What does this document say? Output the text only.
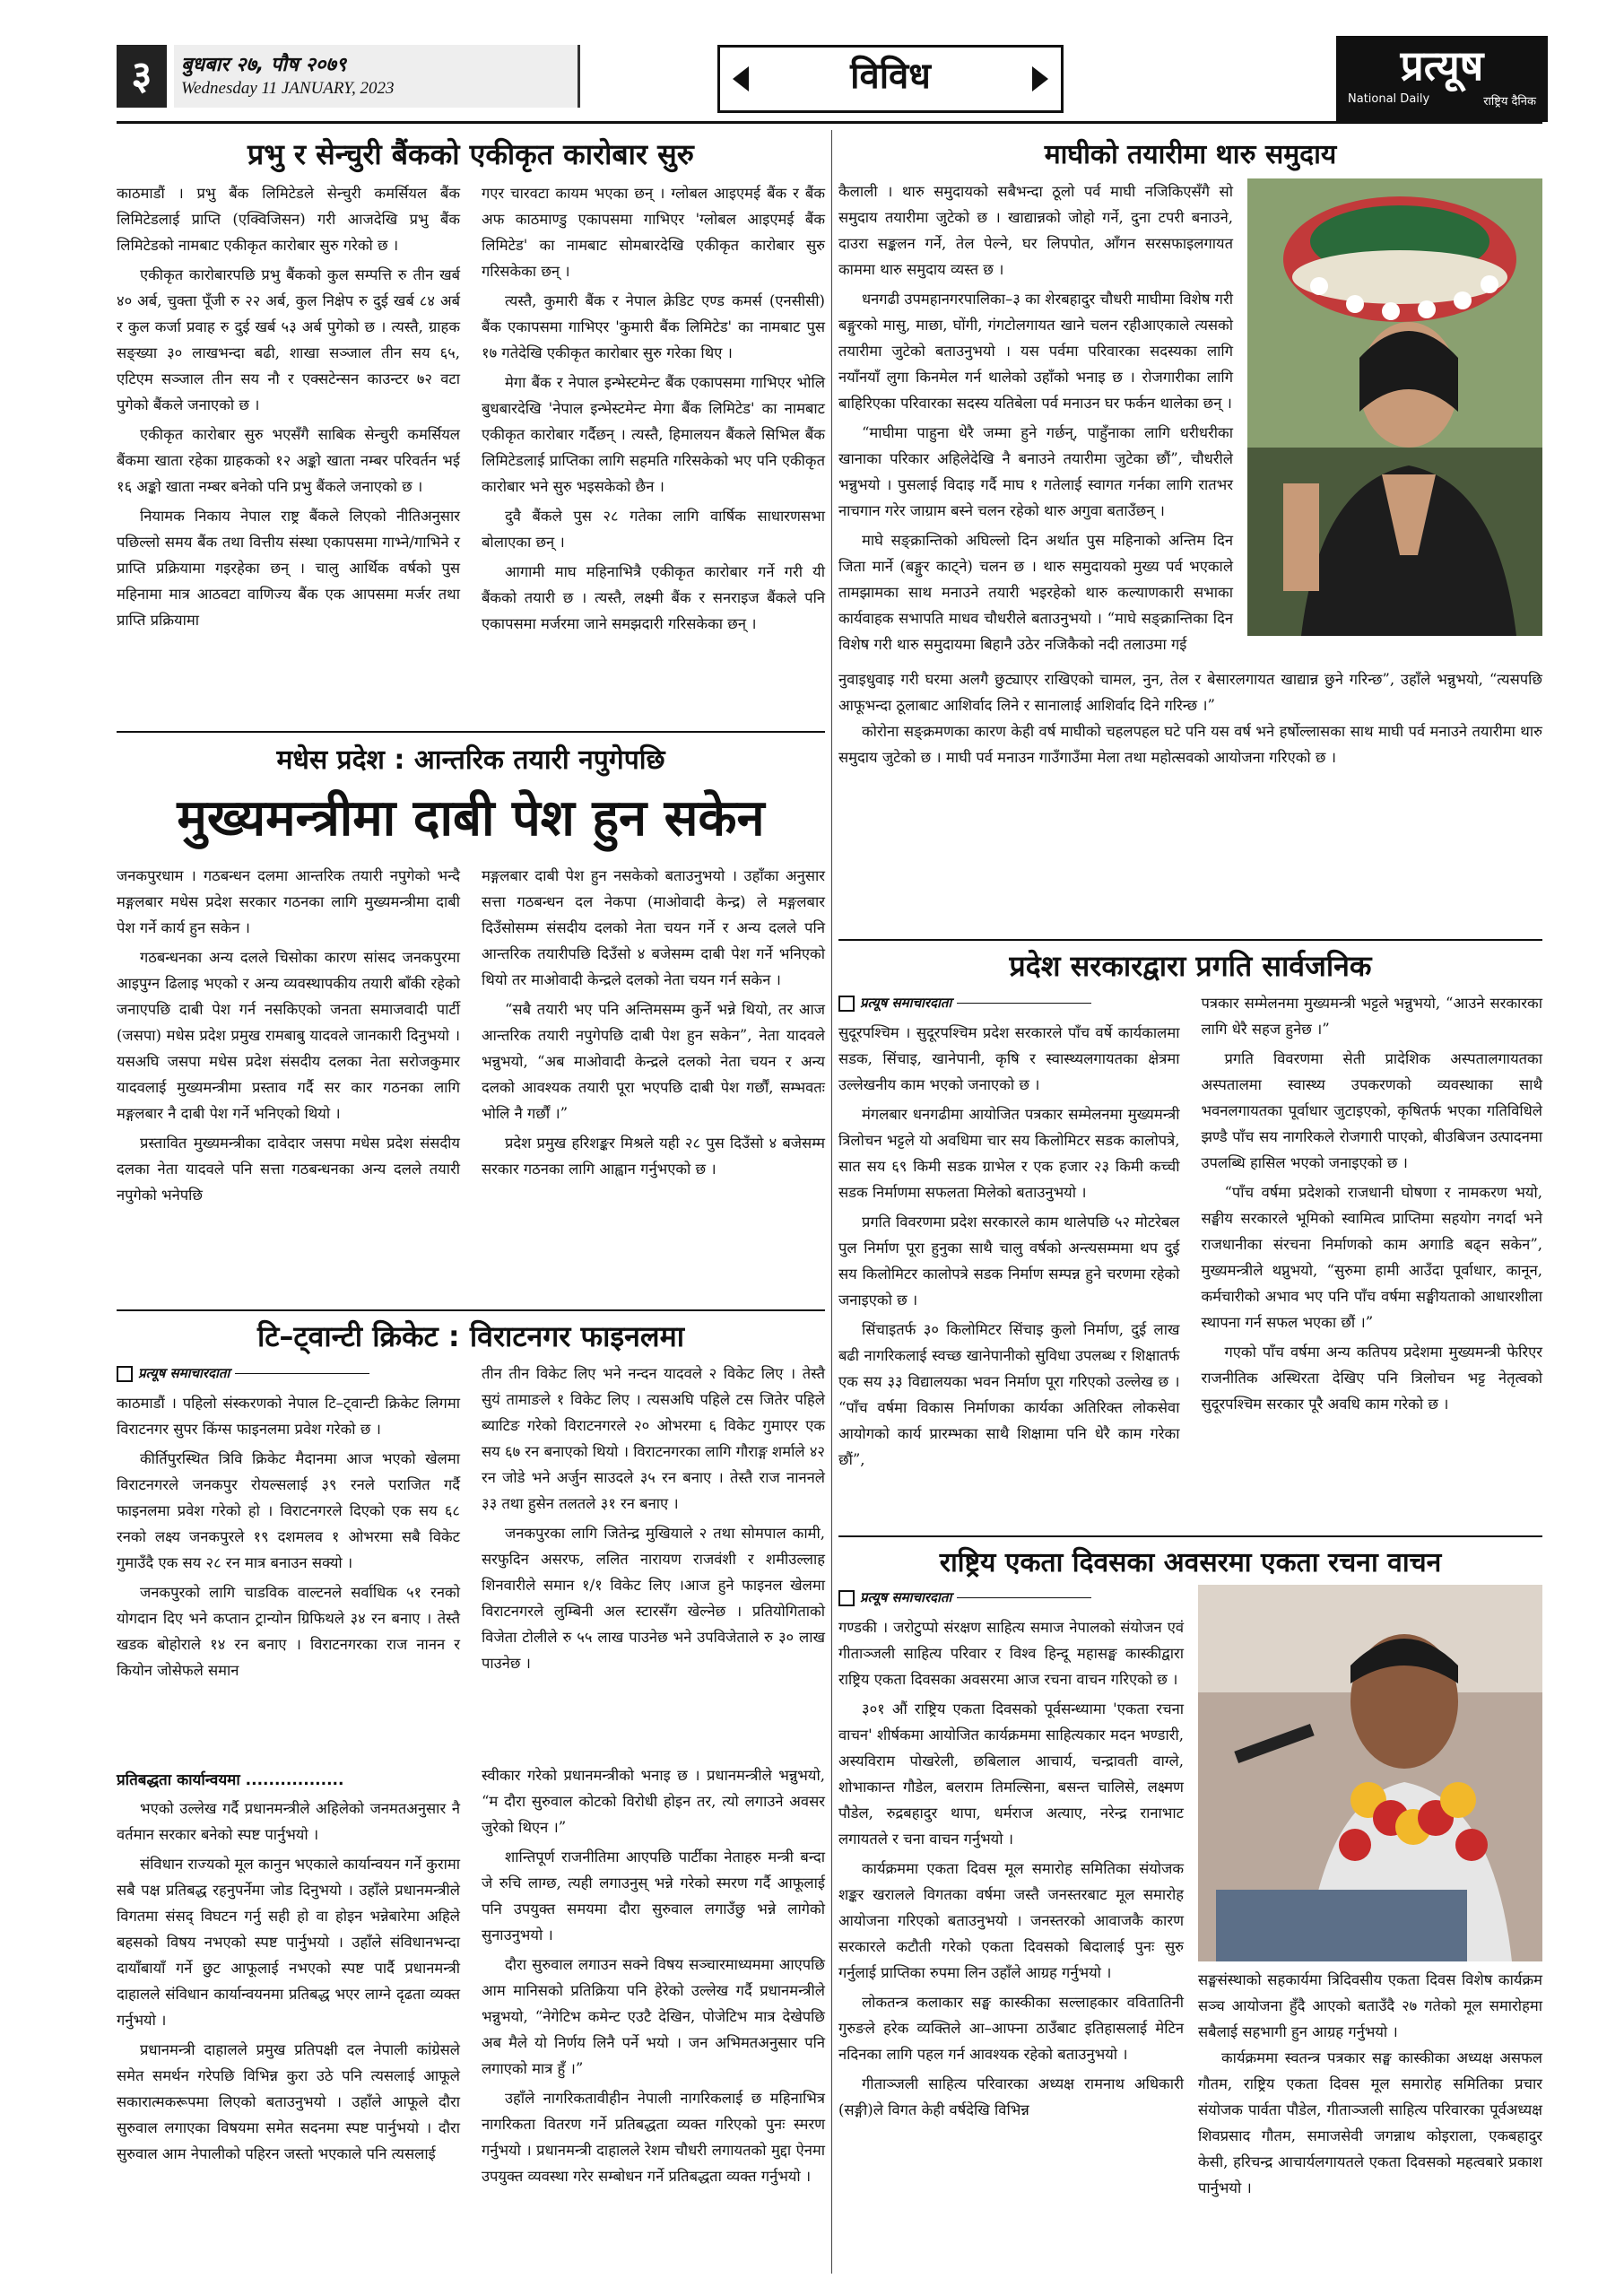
३	बुधबार २७, पौष २०७९
Wednesday 11 JANUARY, 2023	विविध	प्रत्यूष
National Daily	राष्ट्रिय दैनिक
प्रभु र सेन्चुरी बैंकको एकीकृत कारोबार सुरु

काठमाडौं । प्रभु बैंक लिमिटेडले सेन्चुरी कमर्सियल बैंक लिमिटेडलाई प्राप्ति (एक्विजिसन) गरी आजदेखि प्रभु बैंक लिमिटेडको नामबाट एकीकृत कारोबार सुरु गरेको छ ।

एकीकृत कारोबारपछि प्रभु बैंकको कुल सम्पत्ति रु तीन खर्ब ४० अर्ब, चुक्ता पूँजी रु २२ अर्ब, कुल निक्षेप रु दुई खर्ब ८४ अर्ब र कुल कर्जा प्रवाह रु दुई खर्ब ५३ अर्ब पुगेको छ । त्यस्तै, ग्राहक सङ्ख्या ३० लाखभन्दा बढी, शाखा सञ्जाल तीन सय ६५, एटिएम सञ्जाल तीन सय नौ र एक्सटेन्सन काउन्टर ७२ वटा पुगेको बैंकले जनाएको छ ।

एकीकृत कारोबार सुरु भएसँगै साबिक सेन्चुरी कमर्सियल बैंकमा खाता रहेका ग्राहकको १२ अङ्को खाता नम्बर परिवर्तन भई १६ अङ्को खाता नम्बर बनेको पनि प्रभु बैंकले जनाएको छ ।

नियामक निकाय नेपाल राष्ट्र बैंकले लिएको नीतिअनुसार पछिल्लो समय बैंक तथा वित्तीय संस्था एकापसमा गाभ्ने/गाभिने र प्राप्ति प्रक्रियामा गइरहेका छन् । चालु आर्थिक वर्षको पुस महिनामा मात्र आठवटा वाणिज्य बैंक एक आपसमा मर्जर तथा प्राप्ति प्रक्रियामा

गएर चारवटा कायम भएका छन् । ग्लोबल आइएमई बैंक र बैंक अफ काठमाण्डु एकापसमा गाभिएर 'ग्लोबल आइएमई बैंक लिमिटेड' का नामबाट सोमबारदेखि एकीकृत कारोबार सुरु गरिसकेका छन् ।

त्यस्तै, कुमारी बैंक र नेपाल क्रेडिट एण्ड कमर्स (एनसीसी) बैंक एकापसमा गाभिएर 'कुमारी बैंक लिमिटेड' का नामबाट पुस १७ गतेदेखि एकीकृत कारोबार सुरु गरेका थिए ।

मेगा बैंक र नेपाल इन्भेस्टमेन्ट बैंक एकापसमा गाभिएर भोलि बुधबारदेखि 'नेपाल इन्भेस्टमेन्ट मेगा बैंक लिमिटेड' का नामबाट एकीकृत कारोबार गर्दैछन् । त्यस्तै, हिमालयन बैंकले सिभिल बैंक लिमिटेडलाई प्राप्तिका लागि सहमति गरिसकेको भए पनि एकीकृत कारोबार भने सुरु भइसकेको छैन ।

दुवै बैंकले पुस २८ गतेका लागि वार्षिक साधारणसभा बोलाएका छन् ।

आगामी माघ महिनाभित्रै एकीकृत कारोबार गर्ने गरी यी बैंकको तयारी छ । त्यस्तै, लक्ष्मी बैंक र सनराइज बैंकले पनि एकापसमा मर्जरमा जाने समझदारी गरिसकेका छन् ।

मधेस प्रदेश : आन्तरिक तयारी नपुगेपछि
मुख्यमन्त्रीमा दाबी पेश हुन सकेन

जनकपुरधाम । गठबन्धन दलमा आन्तरिक तयारी नपुगेको भन्दै मङ्गलबार मधेस प्रदेश सरकार गठनका लागि मुख्यमन्त्रीमा दाबी पेश गर्ने कार्य हुन सकेन ।

गठबन्धनका अन्य दलले चिसोका कारण सांसद जनकपुरमा आइपुग्न ढिलाइ भएको र अन्य व्यवस्थापकीय तयारी बाँकी रहेको जनाएपछि दाबी पेश गर्न नसकिएको जनता समाजवादी पार्टी (जसपा) मधेस प्रदेश प्रमुख रामबाबु यादवले जानकारी दिनुभयो । यसअघि जसपा मधेस प्रदेश संसदीय दलका नेता सरोजकुमार यादवलाई मुख्यमन्त्रीमा प्रस्ताव गर्दै सर कार गठनका लागि मङ्गलबार नै दाबी पेश गर्ने भनिएको थियो ।

प्रस्तावित मुख्यमन्त्रीका दावेदार जसपा मधेस प्रदेश संसदीय दलका नेता यादवले पनि सत्ता गठबन्धनका अन्य दलले तयारी नपुगेको भनेपछि

मङ्गलबार दाबी पेश हुन नसकेको बताउनुभयो । उहाँका अनुसार सत्ता गठबन्धन दल नेकपा (माओवादी केन्द्र) ले मङ्गलबार दिउँसोसम्म संसदीय दलको नेता चयन गर्ने र अन्य दलले पनि आन्तरिक तयारीपछि दिउँसो ४ बजेसम्म दाबी पेश गर्ने भनिएको थियो तर माओवादी केन्द्रले दलको नेता चयन गर्न सकेन ।

“सबै तयारी भए पनि अन्तिमसम्म कुर्ने भन्ने थियो, तर आज आन्तरिक तयारी नपुगेपछि दाबी पेश हुन सकेन”, नेता यादवले भन्नुभयो, “अब माओवादी केन्द्रले दलको नेता चयन र अन्य दलको आवश्यक तयारी पूरा भएपछि दाबी पेश गर्छौं, सम्भवतः भोलि नै गर्छौं ।”

प्रदेश प्रमुख हरिशङ्कर मिश्रले यही २८ पुस दिउँसो ४ बजेसम्म सरकार गठनका लागि आह्वान गर्नुभएको छ ।

टि–ट्वान्टी क्रिकेट : विराटनगर फाइनलमा
प्रत्यूष समाचारदाता

काठमाडौं । पहिलो संस्करणको नेपाल टि–ट्वान्टी क्रिकेट लिगमा विराटनगर सुपर किंग्स फाइनलमा प्रवेश गरेको छ ।

कीर्तिपुरस्थित त्रिवि क्रिकेट मैदानमा आज भएको खेलमा विराटनगरले जनकपुर रोयल्सलाई ३९ रनले पराजित गर्दै फाइनलमा प्रवेश गरेको हो । विराटनगरले दिएको एक सय ६८ रनको लक्ष्य जनकपुरले १९ दशमलव १ ओभरमा सबै विकेट गुमाउँदै एक सय २८ रन मात्र बनाउन सक्यो ।

जनकपुरको लागि चाडविक वाल्टनले सर्वाधिक ५१ रनको योगदान दिए भने कप्तान ट्रान्योन ग्रिफिथले ३४ रन बनाए । तेस्तै खडक बोहोराले १४ रन बनाए । विराटनगरका राज नानन र कियोन जोसेफले समान

तीन तीन विकेट लिए भने नन्दन यादवले २ विकेट लिए । तेस्तै सुयं तामाङले १ विकेट लिए । त्यसअघि पहिले टस जितेर पहिले ब्याटिङ गरेको विराटनगरले २० ओभरमा ६ विकेट गुमाएर एक सय ६७ रन बनाएको थियो । विराटनगरका लागि गौराङ्ग शर्माले ४२ रन जोडे भने अर्जुन साउदले ३५ रन बनाए । तेस्तै राज नाननले ३३ तथा हुसेन तलतले ३१ रन बनाए ।

जनकपुरका लागि जितेन्द्र मुखियाले २ तथा सोमपाल कामी, सरफुदिन असरफ, ललित नारायण राजवंशी र शमीउल्लाह शिनवारीले समान १/१ विकेट लिए ।आज हुने फाइनल खेलमा विराटनगरले लुम्बिनी अल स्टारसँग खेल्नेछ । प्रतियोगिताको विजेता टोलीले रु ५५ लाख पाउनेछ भने उपविजेताले रु ३० लाख पाउनेछ ।

प्रतिबद्धता कार्यान्वयमा .................

भएको उल्लेख गर्दै प्रधानमन्त्रीले अहिलेको जनमतअनुसार नै वर्तमान सरकार बनेको स्पष्ट पार्नुभयो ।

संविधान राज्यको मूल कानुन भएकाले कार्यान्वयन गर्ने कुरामा सबै पक्ष प्रतिबद्ध रहनुपर्नेमा जोड दिनुभयो । उहाँले प्रधानमन्त्रीले विगतमा संसद् विघटन गर्नु सही हो वा होइन भन्नेबारेमा अहिले बहसको विषय नभएको स्पष्ट पार्नुभयो । उहाँले संविधानभन्दा दायाँबायाँ गर्ने छुट आफूलाई नभएको स्पष्ट पार्दै प्रधानमन्त्री दाहालले संविधान कार्यान्वयनमा प्रतिबद्ध भएर लाग्ने दृढता व्यक्त गर्नुभयो ।

प्रधानमन्त्री दाहालले प्रमुख प्रतिपक्षी दल नेपाली कांग्रेसले समेत समर्थन गरेपछि विभिन्न कुरा उठे पनि त्यसलाई आफूले सकारात्मकरूपमा लिएको बताउनुभयो । उहाँले आफूले दौरा सुरुवाल लगाएका विषयमा समेत सदनमा स्पष्ट पार्नुभयो । दौरा सुरुवाल आम नेपालीको पहिरन जस्तो भएकाले पनि त्यसलाई

स्वीकार गरेको प्रधानमन्त्रीको भनाइ छ । प्रधानमन्त्रीले भन्नुभयो, “म दौरा सुरुवाल कोटको विरोधी होइन तर, त्यो लगाउने अवसर जुरेको थिएन ।”

शान्तिपूर्ण राजनीतिमा आएपछि पार्टीका नेताहरु मन्त्री बन्दा जे रुचि लाग्छ, त्यही लगाउनुस् भन्ने गरेको स्मरण गर्दै आफूलाई पनि उपयुक्त समयमा दौरा सुरुवाल लगाउँछु भन्ने लागेको सुनाउनुभयो ।

दौरा सुरुवाल लगाउन सक्ने विषय सञ्चारमाध्यममा आएपछि आम मानिसको प्रतिक्रिया पनि हेरेको उल्लेख गर्दै प्रधानमन्त्रीले भन्नुभयो, “नेगेटिभ कमेन्ट एउटै देखिन, पोजेटिभ मात्र देखेपछि अब मैले यो निर्णय लिनै पर्ने भयो । जन अभिमतअनुसार पनि लगाएको मात्र हुँ ।”

उहाँले नागरिकतावीहीन नेपाली नागरिकलाई छ महिनाभित्र नागरिकता वितरण गर्ने प्रतिबद्धता व्यक्त गरिएको पुनः स्मरण गर्नुभयो । प्रधानमन्त्री दाहालले रेशम चौधरी लगायतको मुद्दा ऐनमा उपयुक्त व्यवस्था गरेर सम्बोधन गर्ने प्रतिबद्धता व्यक्त गर्नुभयो ।

माघीको तयारीमा थारु समुदाय

कैलाली । थारु समुदायको सबैभन्दा ठूलो पर्व माघी नजिकिएसँगै सो समुदाय तयारीमा जुटेको छ । खाद्यान्नको जोहो गर्ने, दुना टपरी बनाउने, दाउरा सङ्कलन गर्ने, तेल पेल्ने, घर लिपपोत, आँगन सरसफाइलगायत काममा थारु समुदाय व्यस्त छ ।

धनगढी उपमहानगरपालिका–३ का शेरबहादुर चौधरी माघीमा विशेष गरी बङ्गुरको मासु, माछा, घोंगी, गंगटोलगायत खाने चलन रहीआएकाले त्यसको तयारीमा जुटेको बताउनुभयो । यस पर्वमा परिवारका सदस्यका लागि नयाँनयाँ लुगा किनमेल गर्न थालेको उहाँको भनाइ छ । रोजगारीका लागि बाहिरिएका परिवारका सदस्य यतिबेला पर्व मनाउन घर फर्कन थालेका छन् ।

“माघीमा पाहुना धेरै जम्मा हुने गर्छन्, पाहुँनाका लागि धरीधरीका खानाका परिकार अहिलेदेखि नै बनाउने तयारीमा जुटेका छौं”, चौधरीले भन्नुभयो । पुसलाई विदाइ गर्दै माघ १ गतेलाई स्वागत गर्नका लागि रातभर नाचगान गरेर जाग्राम बस्ने चलन रहेको थारु अगुवा बताउँछन् ।

माघे सङ्क्रान्तिको अघिल्लो दिन अर्थात पुस महिनाको अन्तिम दिन जिता मार्ने (बङ्गुर काट्ने) चलन छ । थारु समुदायको मुख्य पर्व भएकाले तामझामका साथ मनाउने तयारी भइरहेको थारु कल्याणकारी सभाका कार्यवाहक सभापति माधव चौधरीले बताउनुभयो । “माघे सङ्क्रान्तिका दिन विशेष गरी थारु समुदायमा बिहानै उठेर नजिकैको नदी तलाउमा गई

नुवाइधुवाइ गरी घरमा अलगै छुट्याएर राखिएको चामल, नुन, तेल र बेसारलगायत खाद्यान्न छुने गरिन्छ”, उहाँले भन्नुभयो, “त्यसपछि आफूभन्दा ठूलाबाट आशिर्वाद लिने र सानालाई आशिर्वाद दिने गरिन्छ ।”

कोरोना सङ्क्रमणका कारण केही वर्ष माघीको चहलपहल घटे पनि यस वर्ष भने हर्षोल्लासका साथ माघी पर्व मनाउने तयारीमा थारु समुदाय जुटेको छ । माघी पर्व मनाउन गाउँगाउँमा मेला तथा महोत्सवको आयोजना गरिएको छ ।

प्रदेश सरकारद्वारा प्रगति सार्वजनिक
प्रत्यूष समाचारदाता

सुदूरपश्चिम । सुदूरपश्चिम प्रदेश सरकारले पाँच वर्षे कार्यकालमा सडक, सिंचाइ, खानेपानी, कृषि र स्वास्थ्यलगायतका क्षेत्रमा उल्लेखनीय काम भएको जनाएको छ ।

मंगलबार धनगढीमा आयोजित पत्रकार सम्मेलनमा मुख्यमन्त्री त्रिलोचन भट्टले यो अवधिमा चार सय किलोमिटर सडक कालोपत्रे, सात सय ६९ किमी सडक ग्राभेल र एक हजार २३ किमी कच्ची सडक निर्माणमा सफलता मिलेको बताउनुभयो ।

प्रगति विवरणमा प्रदेश सरकारले काम थालेपछि ५२ मोटरेबल पुल निर्माण पूरा हुनुका साथै चालु वर्षको अन्त्यसम्ममा थप दुई सय किलोमिटर कालोपत्रे सडक निर्माण सम्पन्न हुने चरणमा रहेको जनाइएको छ ।

सिंचाइतर्फ ३० किलोमिटर सिंचाइ कुलो निर्माण, दुई लाख बढी नागरिकलाई स्वच्छ खानेपानीको सुविधा उपलब्ध र शिक्षातर्फ एक सय ३३ विद्यालयका भवन निर्माण पूरा गरिएको उल्लेख छ । “पाँच वर्षमा विकास निर्माणका कार्यका अतिरिक्त लोकसेवा आयोगको कार्य प्रारम्भका साथै शिक्षामा पनि धेरै काम गरेका छौं”,

पत्रकार सम्मेलनमा मुख्यमन्त्री भट्टले भन्नुभयो, “आउने सरकारका लागि धेरै सहज हुनेछ ।”

प्रगति विवरणमा सेती प्रादेशिक अस्पतालगायतका अस्पतालमा स्वास्थ्य उपकरणको व्यवस्थाका साथै भवनलगायतका पूर्वाधार जुटाइएको, कृषितर्फ भएका गतिविधिले झण्डै पाँच सय नागरिकले रोजगारी पाएको, बीउबिजन उत्पादनमा उपलब्धि हासिल भएको जनाइएको छ ।

“पाँच वर्षमा प्रदेशको राजधानी घोषणा र नामकरण भयो, सङ्घीय सरकारले भूमिको स्वामित्व प्राप्तिमा सहयोग नगर्दा भने राजधानीका संरचना निर्माणको काम अगाडि बढ्न सकेन”, मुख्यमन्त्रीले थप्नुभयो, “सुरुमा हामी आउँदा पूर्वाधार, कानून, कर्मचारीको अभाव भए पनि पाँच वर्षमा सङ्घीयताको आधारशीला स्थापना गर्न सफल भएका छौं ।”

गएको पाँच वर्षमा अन्य कतिपय प्रदेशमा मुख्यमन्त्री फेरिएर राजनीतिक अस्थिरता देखिए पनि त्रिलोचन भट्ट नेतृत्वको सुदूरपश्चिम सरकार पूरै अवधि काम गरेको छ ।

राष्ट्रिय एकता दिवसका अवसरमा एकता रचना वाचन
प्रत्यूष समाचारदाता

गण्डकी । जरोटुप्पो संरक्षण साहित्य समाज नेपालको संयोजन एवं गीताञ्जली साहित्य परिवार र विश्व हिन्दू महासङ्घ कास्कीद्वारा राष्ट्रिय एकता दिवसका अवसरमा आज रचना वाचन गरिएको छ ।

३०१ औं राष्ट्रिय एकता दिवसको पूर्वसन्ध्यामा 'एकता रचना वाचन' शीर्षकमा आयोजित कार्यक्रममा साहित्यकार मदन भण्डारी, अस्यविराम पोखरेली, छबिलाल आचार्य, चन्द्रावती वाग्ले, शोभाकान्त गौडेल, बलराम तिमल्सिना, बसन्त चालिसे, लक्ष्मण पौडेल, रुद्रबहादुर थापा, धर्मराज अत्याए, नरेन्द्र रानाभाट लगायतले र चना वाचन गर्नुभयो ।

कार्यक्रममा एकता दिवस मूल समारोह समितिका संयोजक शङ्कर खरालले विगतका वर्षमा जस्तै जनस्तरबाट मूल समारोह आयोजना गरिएको बताउनुभयो । जनस्तरको आवाजकै कारण सरकारले कटौती गरेको एकता दिवसको बिदालाई पुनः सुरु गर्नुलाई प्राप्तिका रुपमा लिन उहाँले आग्रह गर्नुभयो ।

लोकतन्त्र कलाकार सङ्घ कास्कीका सल्लाहकार ववितातिनी गुरुङले हरेक व्यक्तिले आ–आफ्ना ठाउँबाट इतिहासलाई मेटिन नदिनका लागि पहल गर्न आवश्यक रहेको बताउनुभयो ।

गीताञ्जली साहित्य परिवारका अध्यक्ष रामनाथ अधिकारी (सङ्गी)ले विगत केही वर्षदेखि विभिन्न

सङ्घसंस्थाको सहकार्यमा त्रिदिवसीय एकता दिवस विशेष कार्यक्रम सञ्च आयोजना हुँदै आएको बताउँदै २७ गतेको मूल समारोहमा सबैलाई सहभागी हुन आग्रह गर्नुभयो ।

कार्यक्रममा स्वतन्त्र पत्रकार सङ्घ कास्कीका अध्यक्ष असफल गौतम, राष्ट्रिय एकता दिवस मूल समारोह समितिका प्रचार संयोजक पार्वता पौडेल, गीताञ्जली साहित्य परिवारका पूर्वअध्यक्ष शिवप्रसाद गौतम, समाजसेवी जगन्नाथ कोइराला, एकबहादुर केसी, हरिचन्द्र आचार्यलगायतले एकता दिवसको महत्वबारे प्रकाश पार्नुभयो ।
